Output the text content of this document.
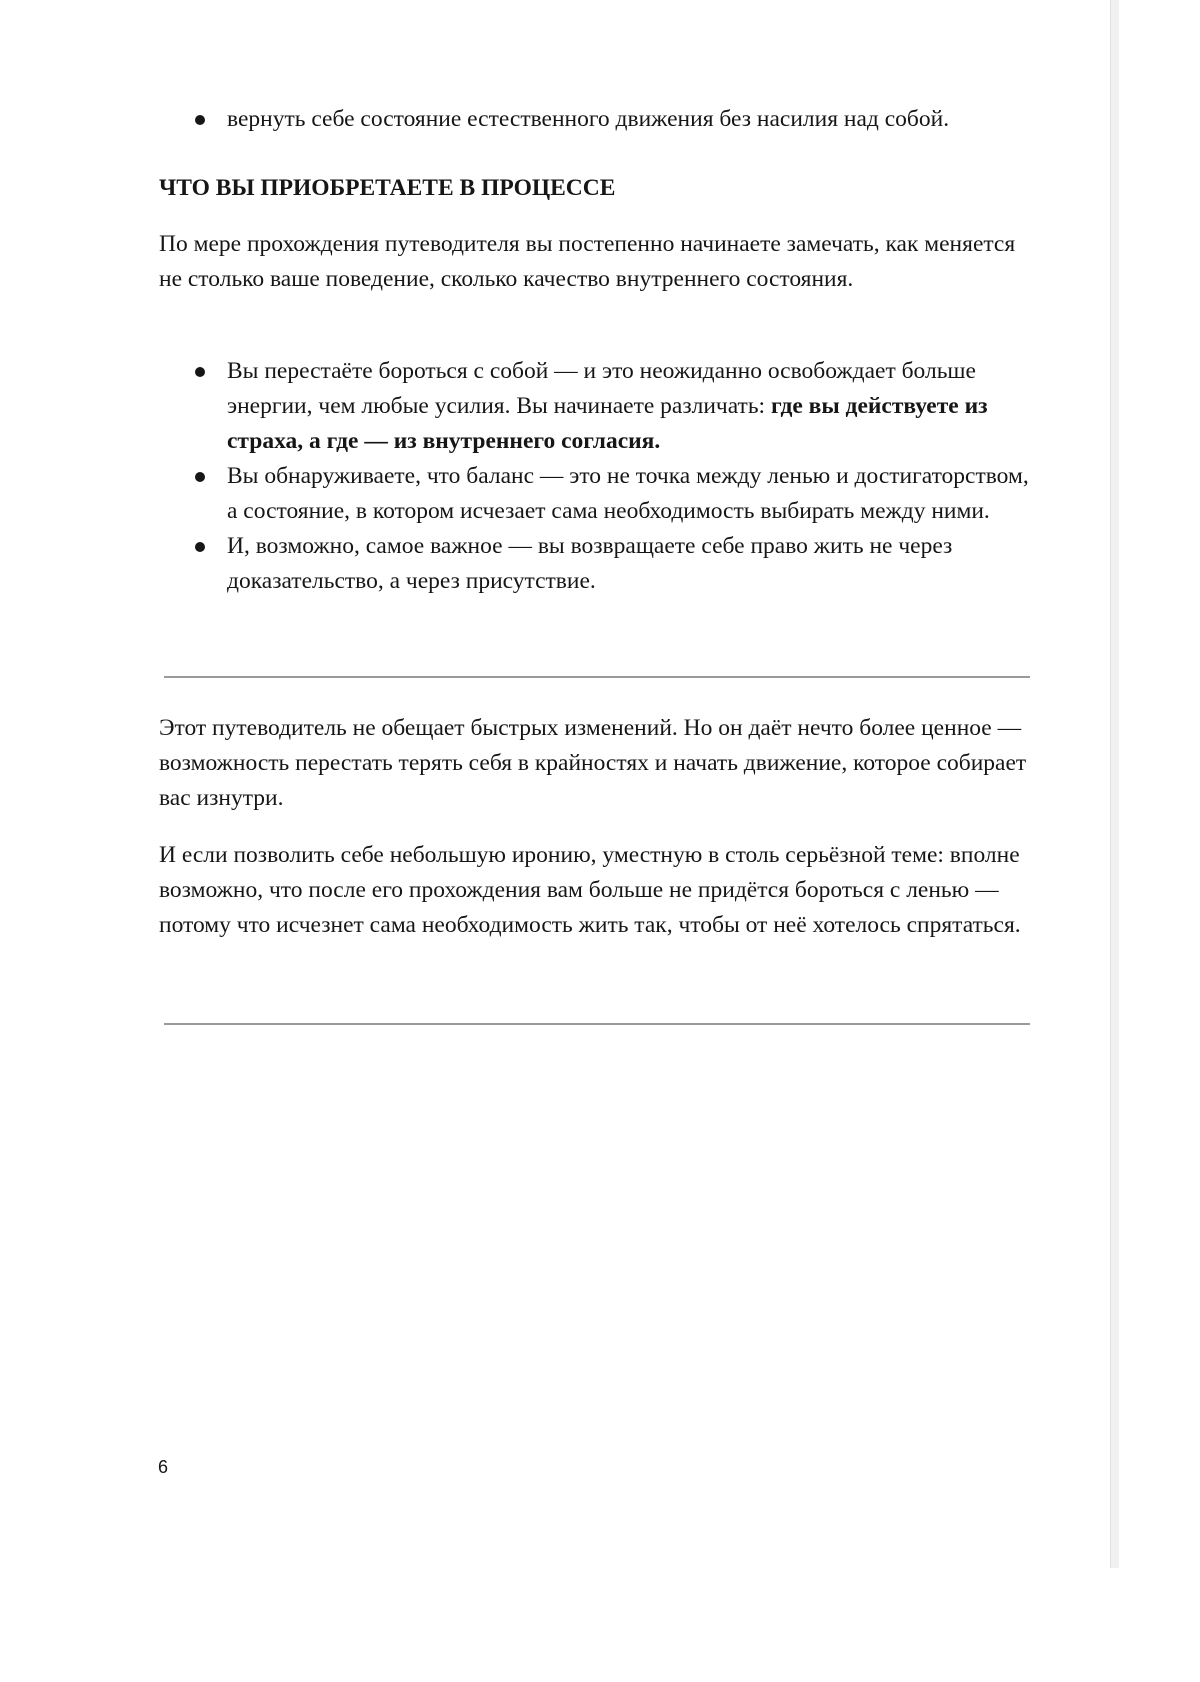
вернуть себе состояние естественного движения без насилия над собой.
ЧТО ВЫ ПРИОБРЕТАЕТЕ В ПРОЦЕССЕ

По мере прохождения путеводителя вы постепенно начинаете замечать, как меняется не столько ваше поведение, сколько качество внутреннего состояния.

Вы перестаёте бороться с собой — и это неожиданно освобождает больше энергии, чем любые усилия. Вы начинаете различать: где вы действуете из страха, а где — из внутреннего согласия.
Вы обнаруживаете, что баланс — это не точка между ленью и достигаторством, а состояние, в котором исчезает сама необходимость выбирать между ними.
И, возможно, самое важное — вы возвращаете себе право жить не через доказательство, а через присутствие.

Этот путеводитель не обещает быстрых изменений. Но он даёт нечто более ценное — возможность перестать терять себя в крайностях и начать движение, которое собирает вас изнутри.

И если позволить себе небольшую иронию, уместную в столь серьёзной теме: вполне возможно, что после его прохождения вам больше не придётся бороться с ленью — потому что исчезнет сама необходимость жить так, чтобы от неё хотелось спрятаться.

6
